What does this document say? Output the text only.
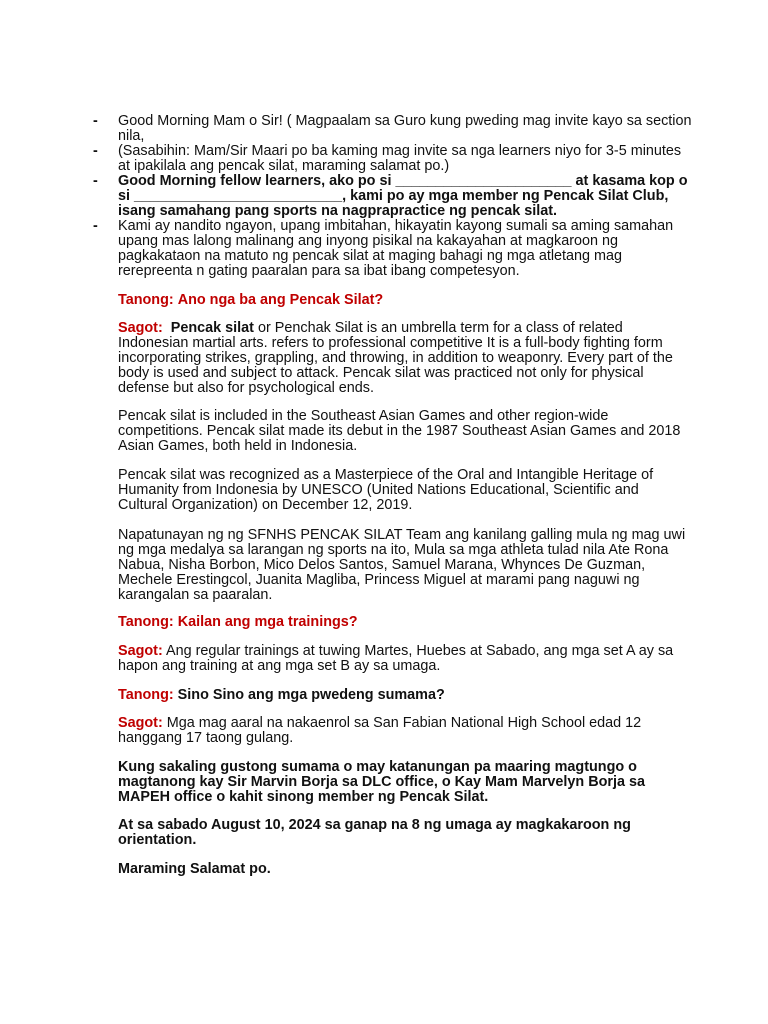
- Good Morning Mam o Sir! ( Magpaalam sa Guro kung pweding mag invite kayo sa section nila,
- (Sasabihin: Mam/Sir Maari po ba kaming mag invite sa nga learners niyo for 3-5 minutes at ipakilala ang pencak silat, maraming salamat po.)
- Good Morning fellow learners, ako po si ______________________ at kasama kop o si __________________________, kami po ay mga member ng Pencak Silat Club, isang samahang pang sports na nagprapractice ng pencak silat.
- Kami ay nandito ngayon, upang imbitahan, hikayatin kayong sumali sa aming samahan upang mas lalong malinang ang inyong pisikal na kakayahan at magkaroon ng pagkakataon na matuto ng pencak silat at maging bahagi ng mga atletang mag rerepreenta n gating paaralan para sa ibat ibang competesyon.

Tanong: Ano nga ba ang Pencak Silat?

Sagot: Pencak silat or Penchak Silat is an umbrella term for a class of related Indonesian martial arts. refers to professional competitive It is a full-body fighting form incorporating strikes, grappling, and throwing, in addition to weaponry. Every part of the body is used and subject to attack. Pencak silat was practiced not only for physical defense but also for psychological ends.

Pencak silat is included in the Southeast Asian Games and other region-wide competitions. Pencak silat made its debut in the 1987 Southeast Asian Games and 2018 Asian Games, both held in Indonesia.

Pencak silat was recognized as a Masterpiece of the Oral and Intangible Heritage of Humanity from Indonesia by UNESCO (United Nations Educational, Scientific and Cultural Organization) on December 12, 2019.

Napatunayan ng ng SFNHS PENCAK SILAT Team ang kanilang galling mula ng mag uwi ng mga medalya sa larangan ng sports na ito, Mula sa mga athleta tulad nila Ate Rona Nabua, Nisha Borbon, Mico Delos Santos, Samuel Marana, Whynces De Guzman, Mechele Erestingcol, Juanita Magliba, Princess Miguel at marami pang naguwi ng karangalan sa paaralan.

Tanong: Kailan ang mga trainings?

Sagot: Ang regular trainings at tuwing Martes, Huebes at Sabado, ang mga set A ay sa hapon ang training at ang mga set B ay sa umaga.

Tanong: Sino Sino ang mga pwedeng sumama?

Sagot: Mga mag aaral na nakaenrol sa San Fabian National High School edad 12 hanggang 17 taong gulang.

Kung sakaling gustong sumama o may katanungan pa maaring magtungo o magtanong kay Sir Marvin Borja sa DLC office, o Kay Mam Marvelyn Borja sa MAPEH office o kahit sinong member ng Pencak Silat.

At sa sabado August 10, 2024 sa ganap na 8 ng umaga ay magkakaroon ng orientation.

Maraming Salamat po.
